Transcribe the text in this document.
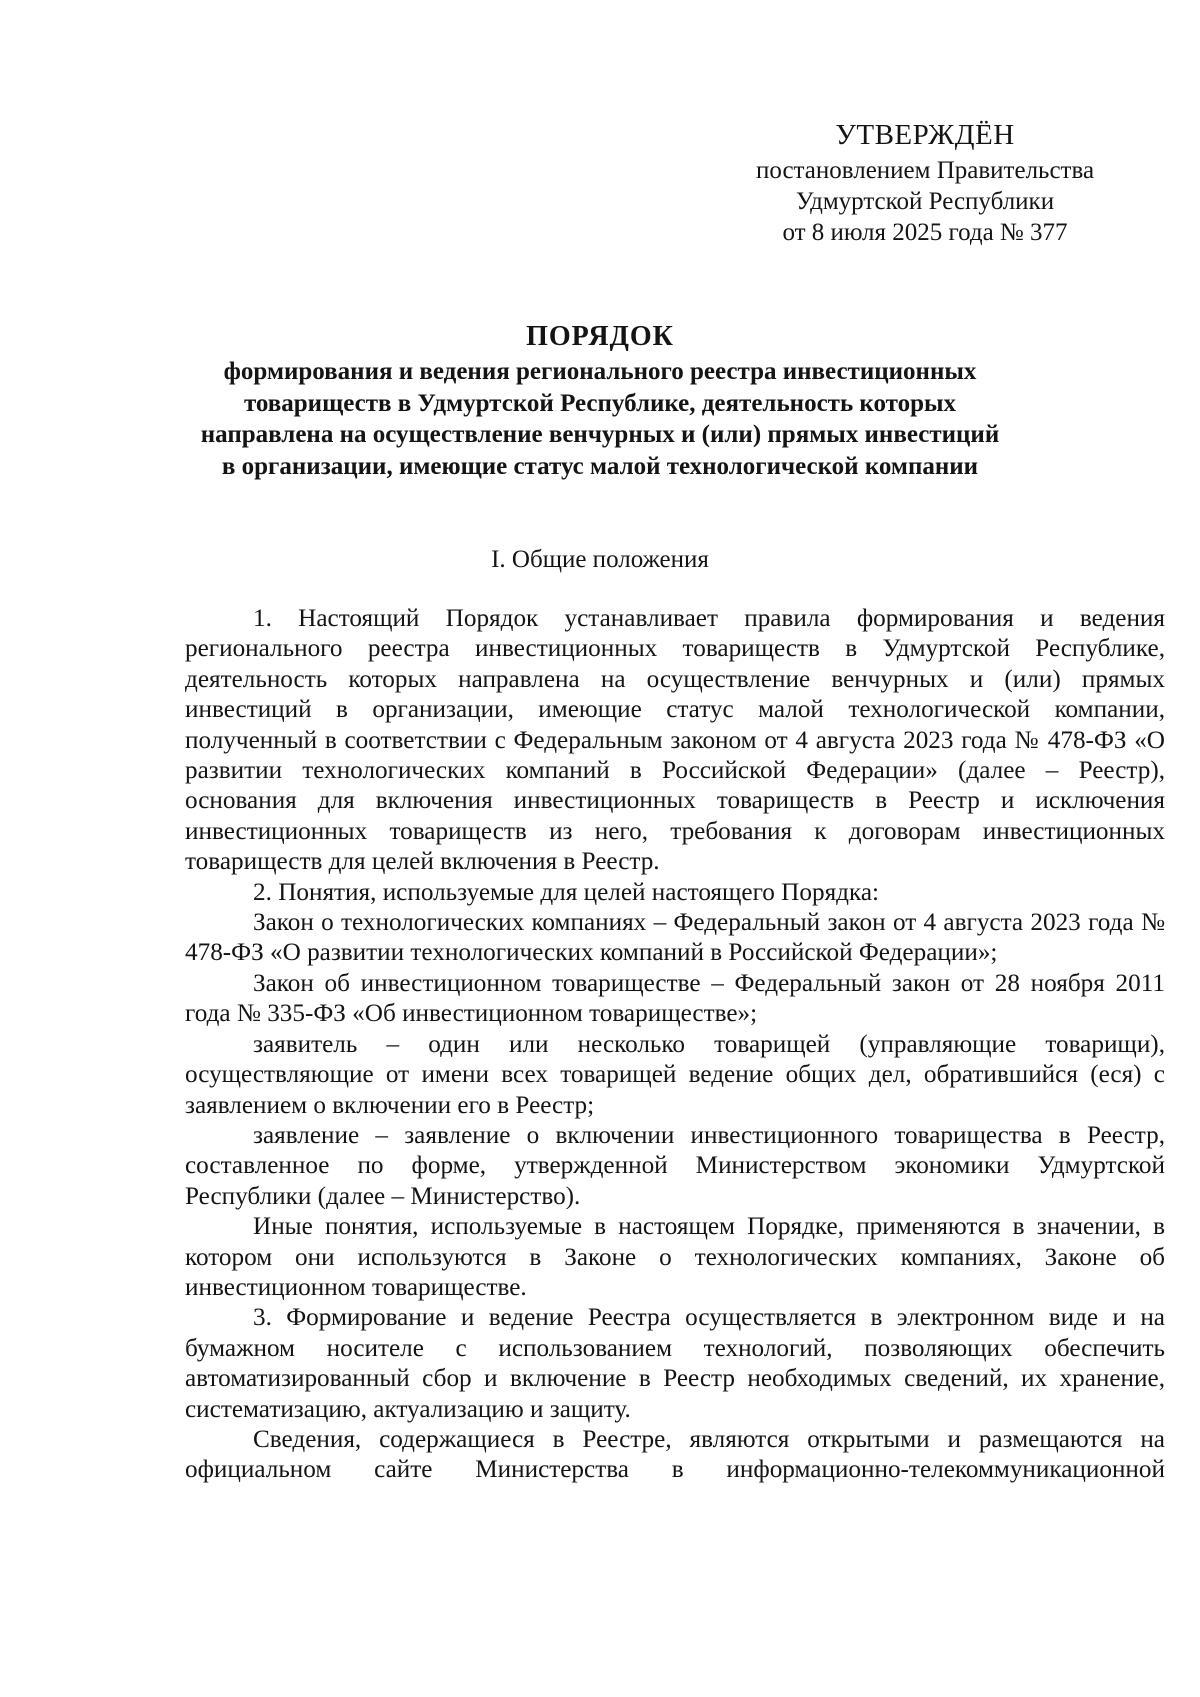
УТВЕРЖДЁН
постановлением Правительства
Удмуртской Республики
от 8 июля 2025 года № 377
ПОРЯДОК
формирования и ведения регионального реестра инвестиционных товариществ в Удмуртской Республике, деятельность которых направлена на осуществление венчурных и (или) прямых инвестиций в организации, имеющие статус малой технологической компании
I. Общие положения

1. Настоящий Порядок устанавливает правила формирования и ведения регионального реестра инвестиционных товариществ в Удмуртской Республике, деятельность которых направлена на осуществление венчурных и (или) прямых инвестиций в организации, имеющие статус малой технологической компании, полученный в соответствии с Федеральным законом от 4 августа 2023 года № 478-ФЗ «О развитии технологических компаний в Российской Федерации» (далее – Реестр), основания для включения инвестиционных товариществ в Реестр и исключения инвестиционных товариществ из него, требования к договорам инвестиционных товариществ для целей включения в Реестр.

2. Понятия, используемые для целей настоящего Порядка:

Закон о технологических компаниях – Федеральный закон от 4 августа 2023 года № 478-ФЗ «О развитии технологических компаний в Российской Федерации»;

Закон об инвестиционном товариществе – Федеральный закон от 28 ноября 2011 года № 335-ФЗ «Об инвестиционном товариществе»;

заявитель – один или несколько товарищей (управляющие товарищи), осуществляющие от имени всех товарищей ведение общих дел, обратившийся (еся) с заявлением о включении его в Реестр;

заявление – заявление о включении инвестиционного товарищества в Реестр, составленное по форме, утвержденной Министерством экономики Удмуртской Республики (далее – Министерство).

Иные понятия, используемые в настоящем Порядке, применяются в значении, в котором они используются в Законе о технологических компаниях, Законе об инвестиционном товариществе.

3. Формирование и ведение Реестра осуществляется в электронном виде и на бумажном носителе с использованием технологий, позволяющих обеспечить автоматизированный сбор и включение в Реестр необходимых сведений, их хранение, систематизацию, актуализацию и защиту.

Сведения, содержащиеся в Реестре, являются открытыми и размещаются на официальном сайте Министерства в информационно-телекоммуникационной
